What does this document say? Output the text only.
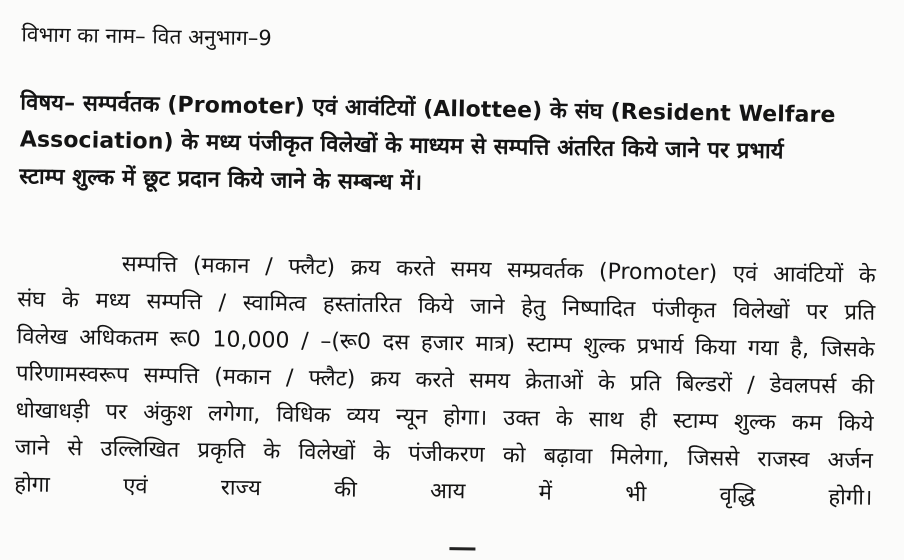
विभाग का नाम– वित अनुभाग–9

विषय– सम्पर्वतक (Promoter) एवं आवंटियों (Allottee) के संघ (Resident Welfare

Association) के मध्य पंजीकृत विलेखों के माध्यम से सम्पत्ति अंतरित किये जाने पर प्रभार्य

स्टाम्प शुल्क में छूट प्रदान किये जाने के सम्बन्ध में।

सम्पत्ति (मकान / फ्लैट) क्रय करते समय सम्प्रवर्तक (Promoter) एवं आवंटियों के

संघ के मध्य सम्पत्ति / स्वामित्व हस्तांतरित किये जाने हेतु निष्पादित पंजीकृत विलेखों पर प्रति

विलेख अधिकतम रू0 10,000 / –(रू0 दस हजार मात्र) स्टाम्प शुल्क प्रभार्य किया गया है, जिसके

परिणामस्वरूप सम्पत्ति (मकान / फ्लैट) क्रय करते समय क्रेताओं के प्रति बिल्डरों / डेवलपर्स की

धोखाधड़ी पर अंकुश लगेगा, विधिक व्यय न्यून होगा। उक्त के साथ ही स्टाम्प शुल्क कम किये

जाने से उल्लिखित प्रकृति के विलेखों के पंजीकरण को बढ़ावा मिलेगा, जिससे राजस्व अर्जन

होगा एवं राज्य की आय में भी वृद्धि होगी।
